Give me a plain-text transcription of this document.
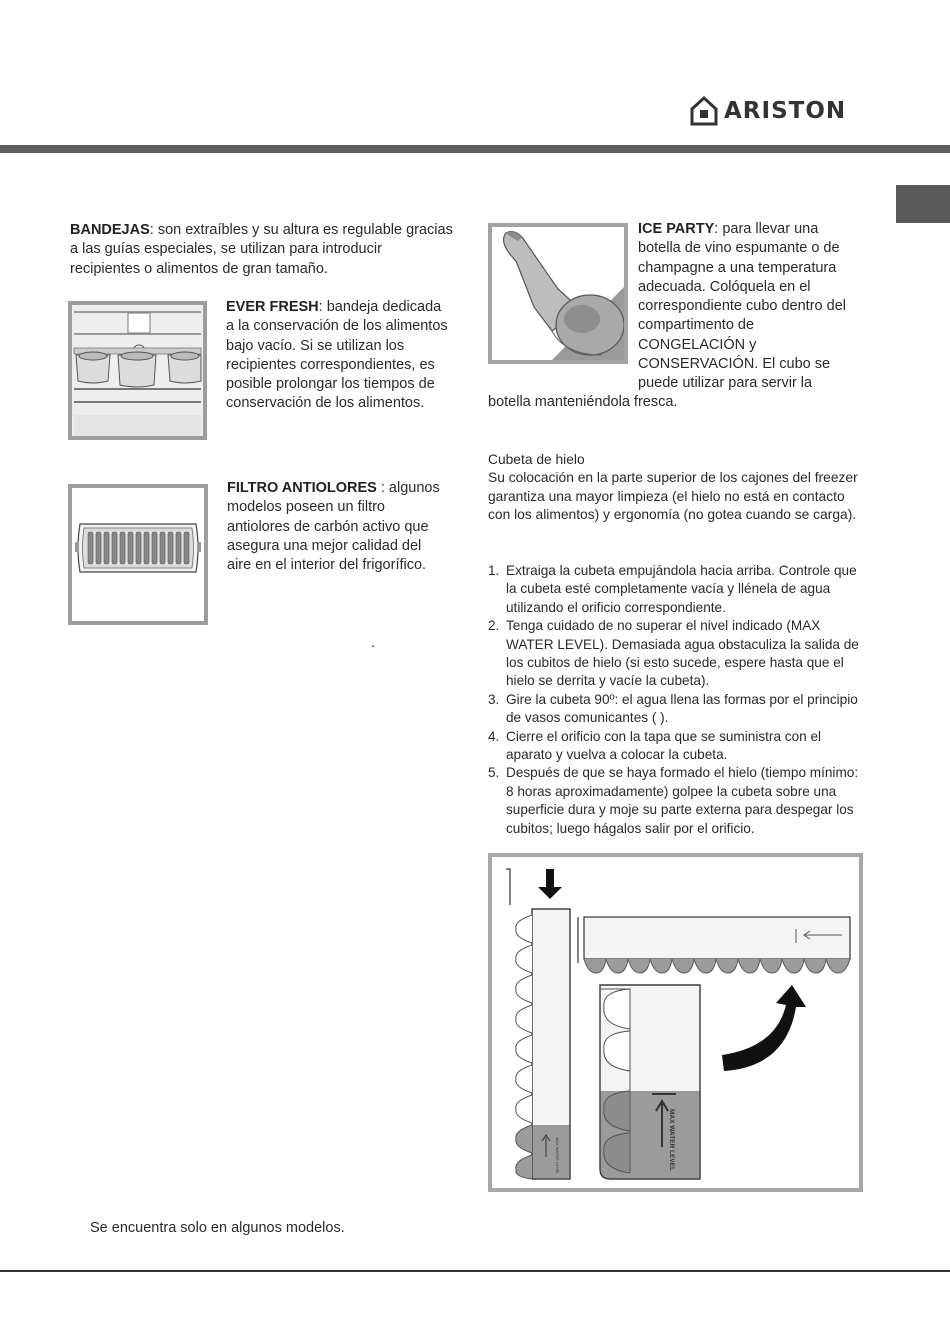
ARISTON
BANDEJAS: son extraíbles y su altura es regulable gracias a las guías especiales, se utilizan para introducir recipientes o alimentos de gran tamaño.
EVER FRESH: bandeja dedicada a la conservación de los alimentos bajo vacío. Si se utilizan los recipientes correspondientes, es posible prolongar los tiempos de conservación de los alimentos.
FILTRO ANTIOLORES : algunos modelos poseen un filtro antiolores de carbón activo que asegura una mejor calidad del aire en el interior del frigorífico.
.
ICE PARTY: para llevar una botella de vino espumante o de champagne a una temperatura adecuada. Colóquela en el correspondiente cubo dentro del compartimento de CONGELACIÓN y CONSERVACIÓN. El cubo se puede utilizar para servir la
botella manteniéndola fresca.
Cubeta de hielo
Su colocación en la parte superior de los cajones del freezer garantiza una mayor limpieza (el hielo no está en contacto con los alimentos) y ergonomía (no gotea cuando se carga).
1. Extraiga la cubeta empujándola hacia arriba. Controle que la cubeta esté completamente vacía y llénela de agua utilizando el orificio correspondiente.
2. Tenga cuidado de no superar el nivel indicado (MAX WATER LEVEL). Demasiada agua obstaculiza la salida de los cubitos de hielo (si esto sucede, espere hasta que el hielo se derrita y vacíe la cubeta).
3. Gire la cubeta 90º: el agua llena las formas por el principio de vasos comunicantes ( ).
4. Cierre el orificio con la tapa que se suministra con el aparato y vuelva a colocar la cubeta.
5. Después de que se haya formado el hielo (tiempo mínimo: 8 horas aproximadamente) golpee la cubeta sobre una superficie dura y moje su parte externa para despegar los cubitos; luego hágalos salir por el orificio.
MAX WATER LEVEL	MAX WATER LEVEL
Se encuentra solo en algunos modelos.
